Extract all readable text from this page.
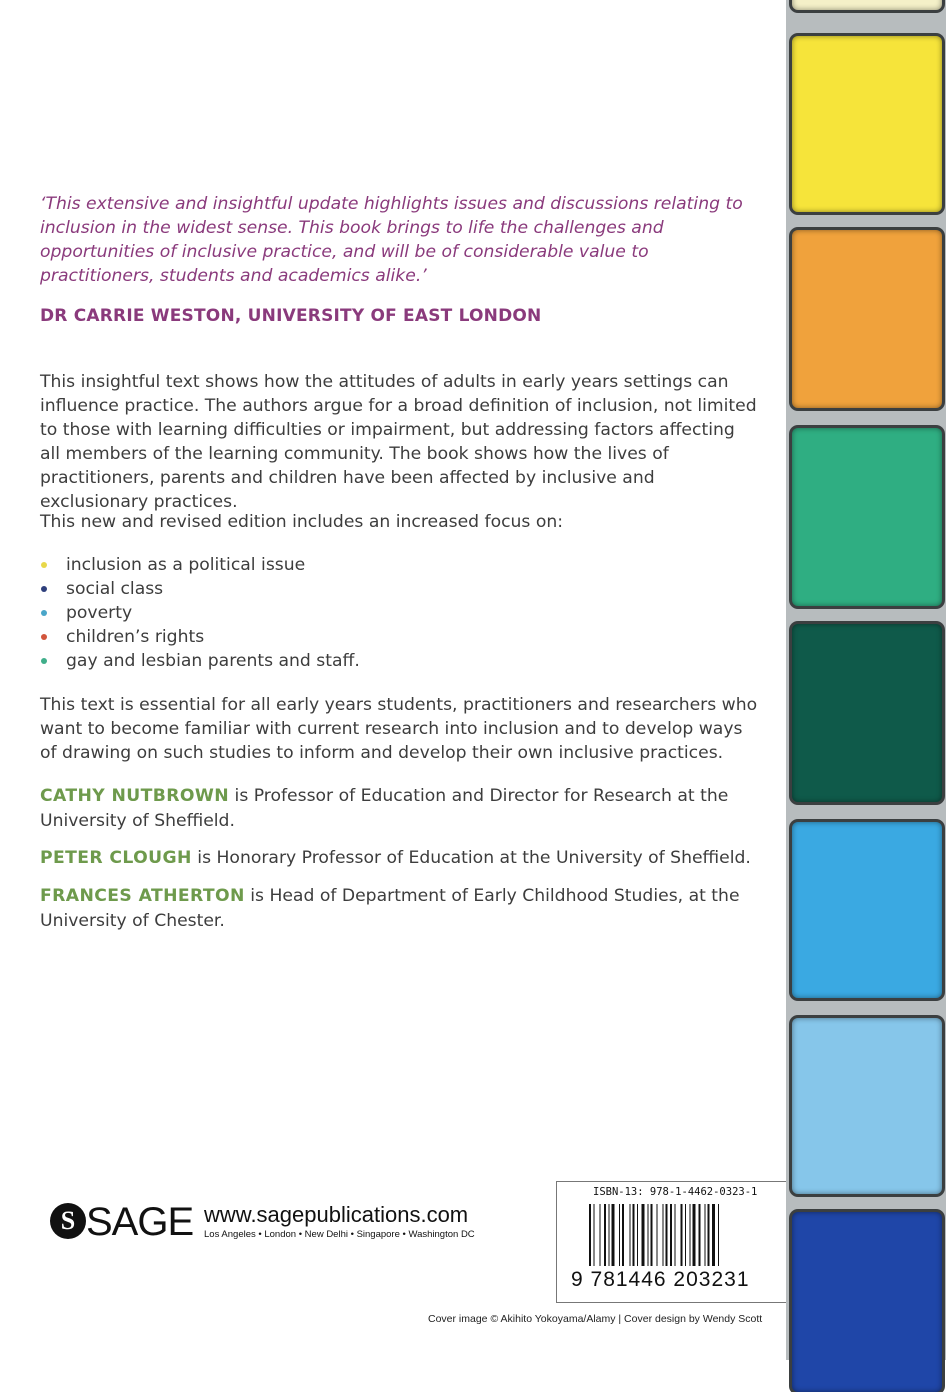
‘This extensive and insightful update highlights issues and discussions relating to inclusion in the widest sense. This book brings to life the challenges and opportunities of inclusive practice, and will be of considerable value to practitioners, students and academics alike.’
DR CARRIE WESTON, UNIVERSITY OF EAST LONDON
This insightful text shows how the attitudes of adults in early years settings can influence practice. The authors argue for a broad definition of inclusion, not limited to those with learning difficulties or impairment, but addressing factors affecting all members of the learning community. The book shows how the lives of practitioners, parents and children have been affected by inclusive and exclusionary practices.
This new and revised edition includes an increased focus on:
inclusion as a political issue
social class
poverty
children’s rights
gay and lesbian parents and staff.
This text is essential for all early years students, practitioners and researchers who want to become familiar with current research into inclusion and to develop ways of drawing on such studies to inform and develop their own inclusive practices.
CATHY NUTBROWN is Professor of Education and Director for Research at the University of Sheffield.
PETER CLOUGH is Honorary Professor of Education at the University of Sheffield.
FRANCES ATHERTON is Head of Department of Early Childhood Studies, at the University of Chester.
S SAGE www.sagepublications.com
Los Angeles • London • New Delhi • Singapore • Washington DC
ISBN-13: 978-1-4462-0323-1
9 781446 203231
Cover image © Akihito Yokoyama/Alamy | Cover design by Wendy Scott
